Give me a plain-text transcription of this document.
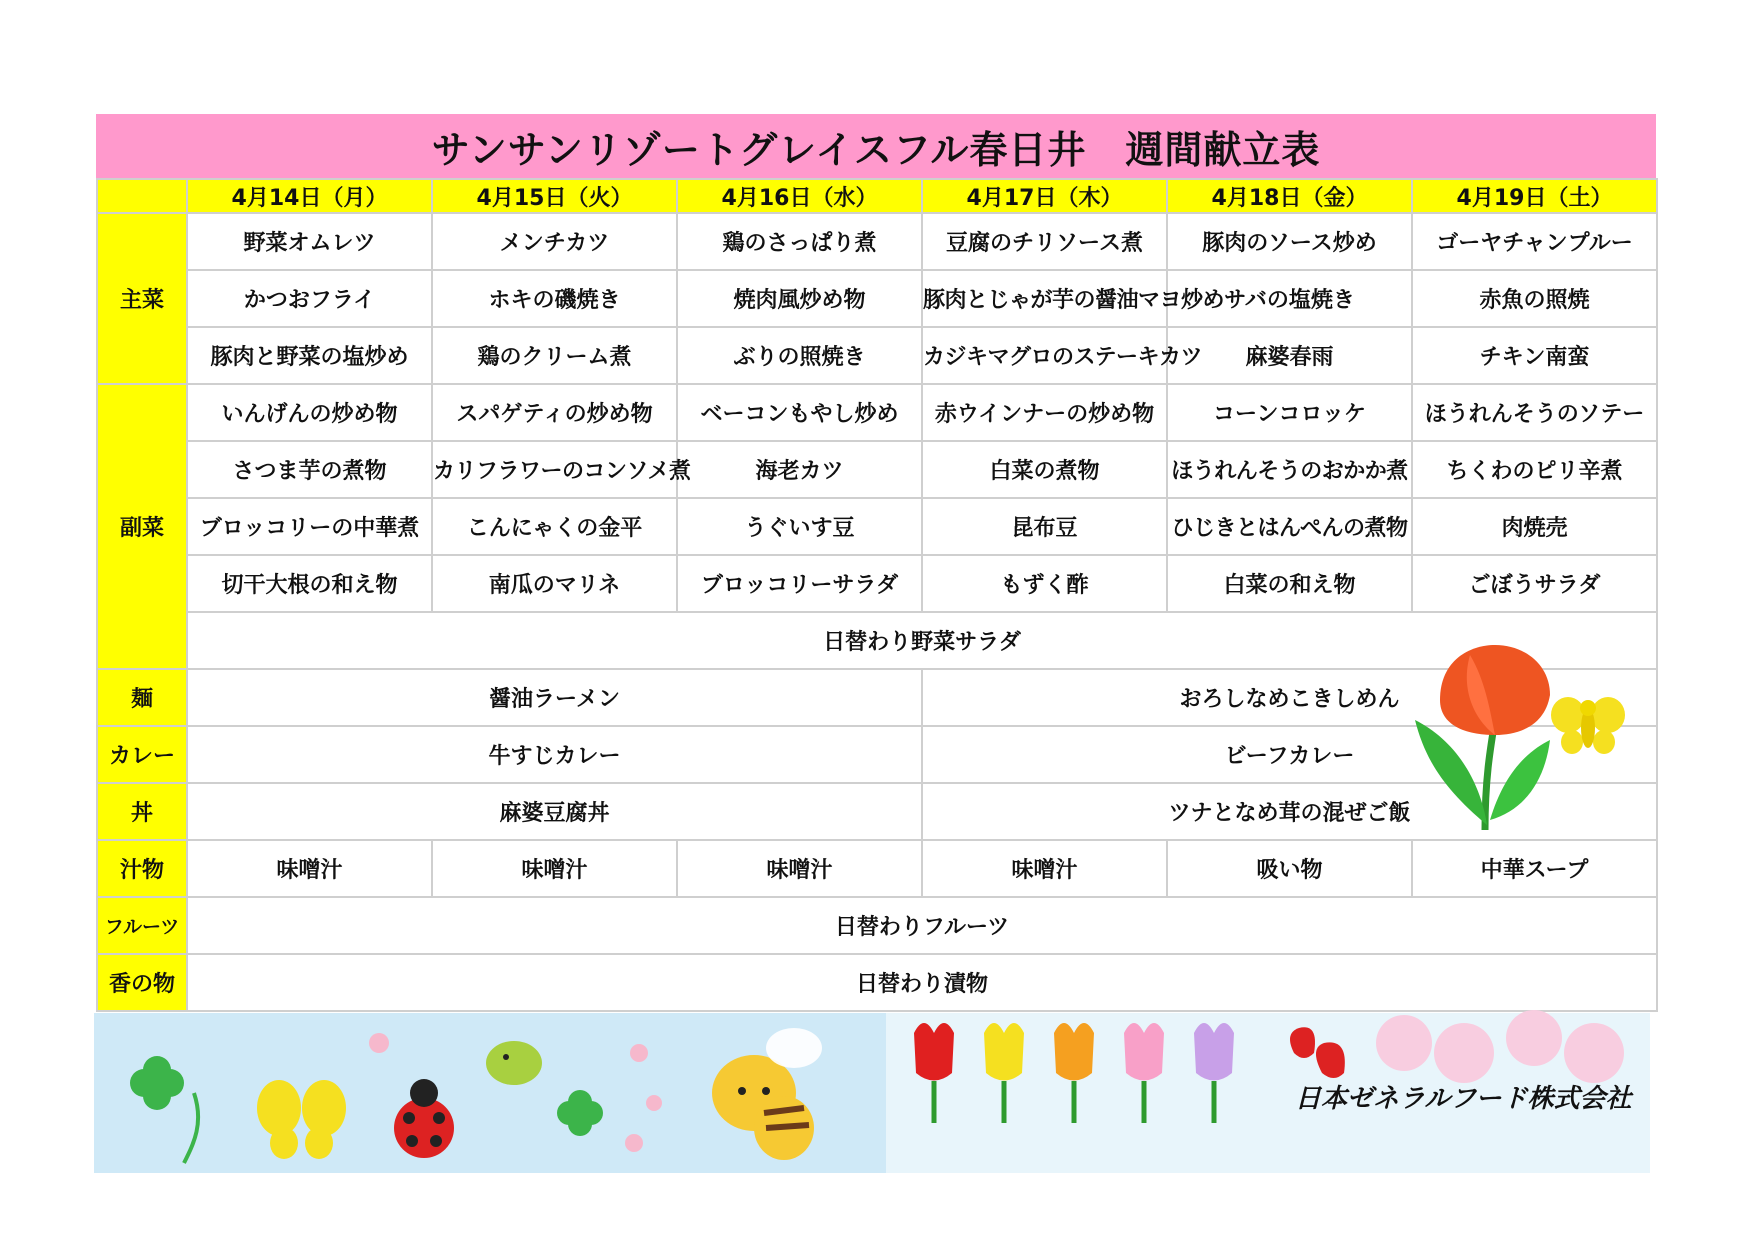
サンサンリゾートグレイスフル春日井　週間献立表
	4月14日（月）	4月15日（火）	4月16日（水）	4月17日（木）	4月18日（金）	4月19日（土）
主菜	野菜オムレツ	メンチカツ	鶏のさっぱり煮	豆腐のチリソース煮	豚肉のソース炒め	ゴーヤチャンプルー
	かつおフライ	ホキの磯焼き	焼肉風炒め物	豚肉とじゃが芋の醤油マヨ炒め	サバの塩焼き	赤魚の照焼
	豚肉と野菜の塩炒め	鶏のクリーム煮	ぶりの照焼き	カジキマグロのステーキカツ	麻婆春雨	チキン南蛮
副菜	いんげんの炒め物	スパゲティの炒め物	ベーコンもやし炒め	赤ウインナーの炒め物	コーンコロッケ	ほうれんそうのソテー
	さつま芋の煮物	カリフラワーのコンソメ煮	海老カツ	白菜の煮物	ほうれんそうのおかか煮	ちくわのピリ辛煮
	ブロッコリーの中華煮	こんにゃくの金平	うぐいす豆	昆布豆	ひじきとはんぺんの煮物	肉焼売
	切干大根の和え物	南瓜のマリネ	ブロッコリーサラダ	もずく酢	白菜の和え物	ごぼうサラダ
	日替わり野菜サラダ					
麺	醤油ラーメン			おろしなめこきしめん		
カレー	牛すじカレー			ビーフカレー		
丼	麻婆豆腐丼			ツナとなめ茸の混ぜご飯		
汁物	味噌汁	味噌汁	味噌汁	味噌汁	吸い物	中華スープ
フルーツ	日替わりフルーツ					
香の物	日替わり漬物					
日本ゼネラルフード株式会社
